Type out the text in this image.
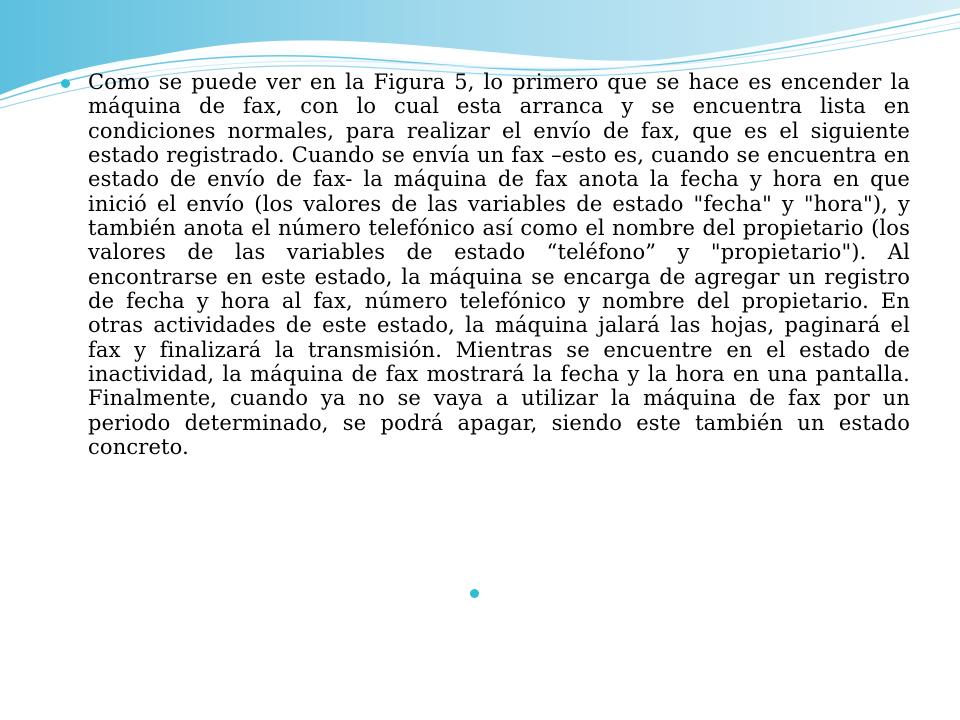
Como se puede ver en la Figura 5, lo primero que se hace es encender la máquina de fax, con lo cual esta arranca y se encuentra lista en condiciones normales, para realizar el envío de fax, que es el siguiente estado registrado. Cuando se envía un fax –esto es, cuando se encuentra en estado de envío de fax- la máquina de fax anota la fecha y hora en que inició el envío (los valores de las variables de estado "fecha" y "hora"), y también anota el número telefónico así como el nombre del propietario (los valores de las variables de estado “teléfono” y "propietario"). Al encontrarse en este estado, la máquina se encarga de agregar un registro de fecha y hora al fax, número telefónico y nombre del propietario. En otras actividades de este estado, la máquina jalará las hojas, paginará el fax y finalizará la transmisión. Mientras se encuentre en el estado de inactividad, la máquina de fax mostrará la fecha y la hora en una pantalla. Finalmente, cuando ya no se vaya a utilizar la máquina de fax por un periodo determinado, se podrá apagar, siendo este también un estado concreto.
